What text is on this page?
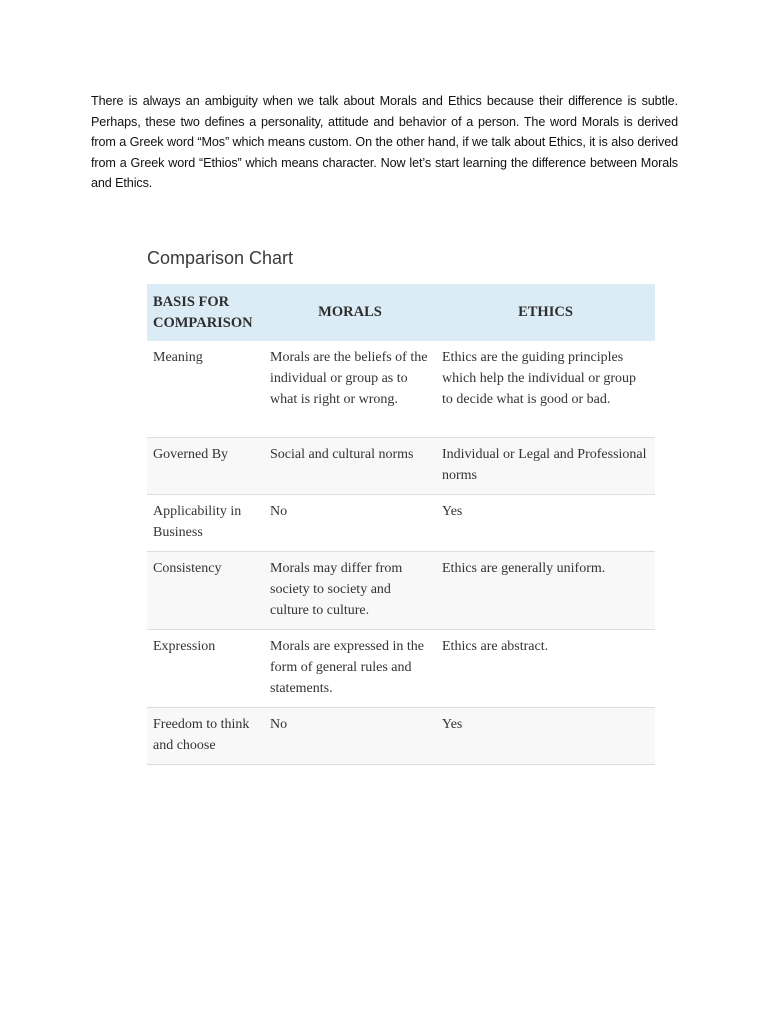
There is always an ambiguity when we talk about Morals and Ethics because their difference is subtle. Perhaps, these two defines a personality, attitude and behavior of a person. The word Morals is derived from a Greek word “Mos” which means custom. On the other hand, if we talk about Ethics, it is also derived from a Greek word “Ethios” which means character. Now let’s start learning the difference between Morals and Ethics.

Comparison Chart
BASIS FOR COMPARISON	MORALS	ETHICS
Meaning	Morals are the beliefs of the individual or group as to what is right or wrong.	Ethics are the guiding principles which help the individual or group to decide what is good or bad.
Governed By	Social and cultural norms	Individual or Legal and Professional norms
Applicability in Business	No	Yes
Consistency	Morals may differ from society to society and culture to culture.	Ethics are generally uniform.
Expression	Morals are expressed in the form of general rules and statements.	Ethics are abstract.
Freedom to think and choose	No	Yes
